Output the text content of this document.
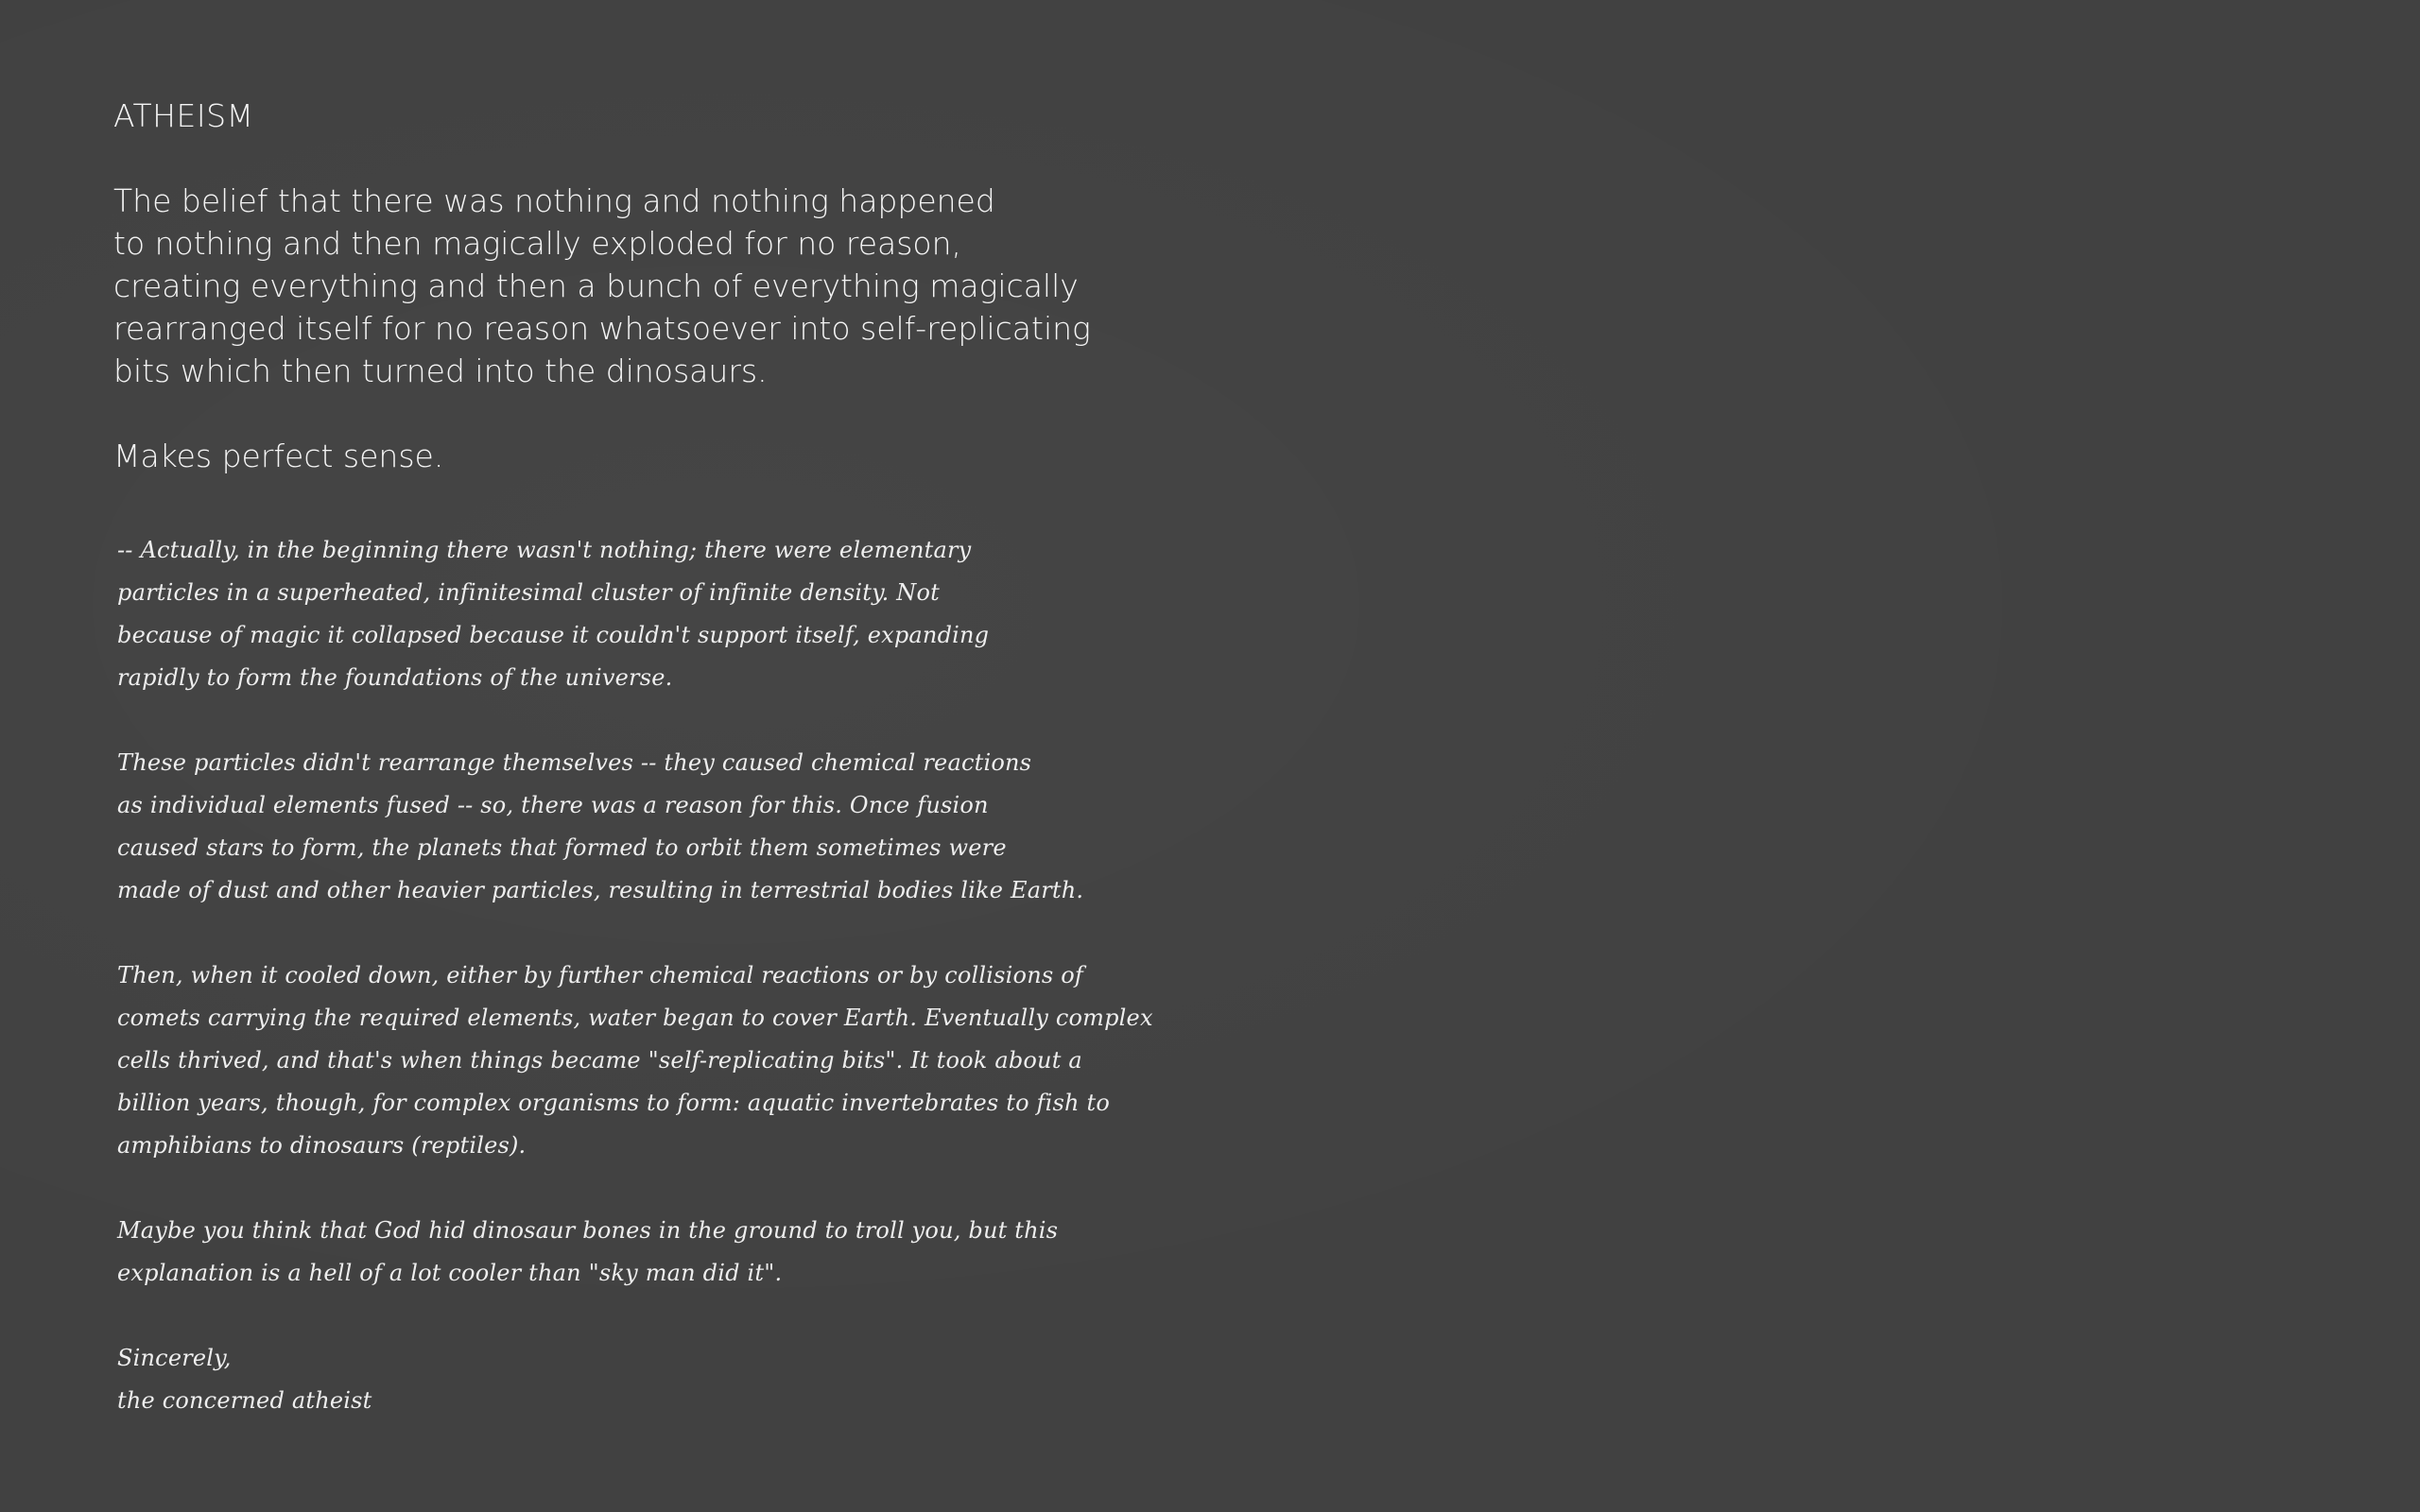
ATHEISM
The belief that there was nothing and nothing happened
to nothing and then magically exploded for no reason,
creating everything and then a bunch of everything magically
rearranged itself for no reason whatsoever into self-replicating
bits which then turned into the dinosaurs.
Makes perfect sense.
-- Actually, in the beginning there wasn't nothing; there were elementary
particles in a superheated, infinitesimal cluster of infinite density. Not
because of magic it collapsed because it couldn't support itself, expanding
rapidly to form the foundations of the universe.
These particles didn't rearrange themselves -- they caused chemical reactions
as individual elements fused -- so, there was a reason for this. Once fusion
caused stars to form, the planets that formed to orbit them sometimes were
made of dust and other heavier particles, resulting in terrestrial bodies like Earth.
Then, when it cooled down, either by further chemical reactions or by collisions of
comets carrying the required elements, water began to cover Earth. Eventually complex
cells thrived, and that's when things became "self-replicating bits". It took about a
billion years, though, for complex organisms to form: aquatic invertebrates to fish to
amphibians to dinosaurs (reptiles).
Maybe you think that God hid dinosaur bones in the ground to troll you, but this
explanation is a hell of a lot cooler than "sky man did it".
Sincerely,
the concerned atheist
